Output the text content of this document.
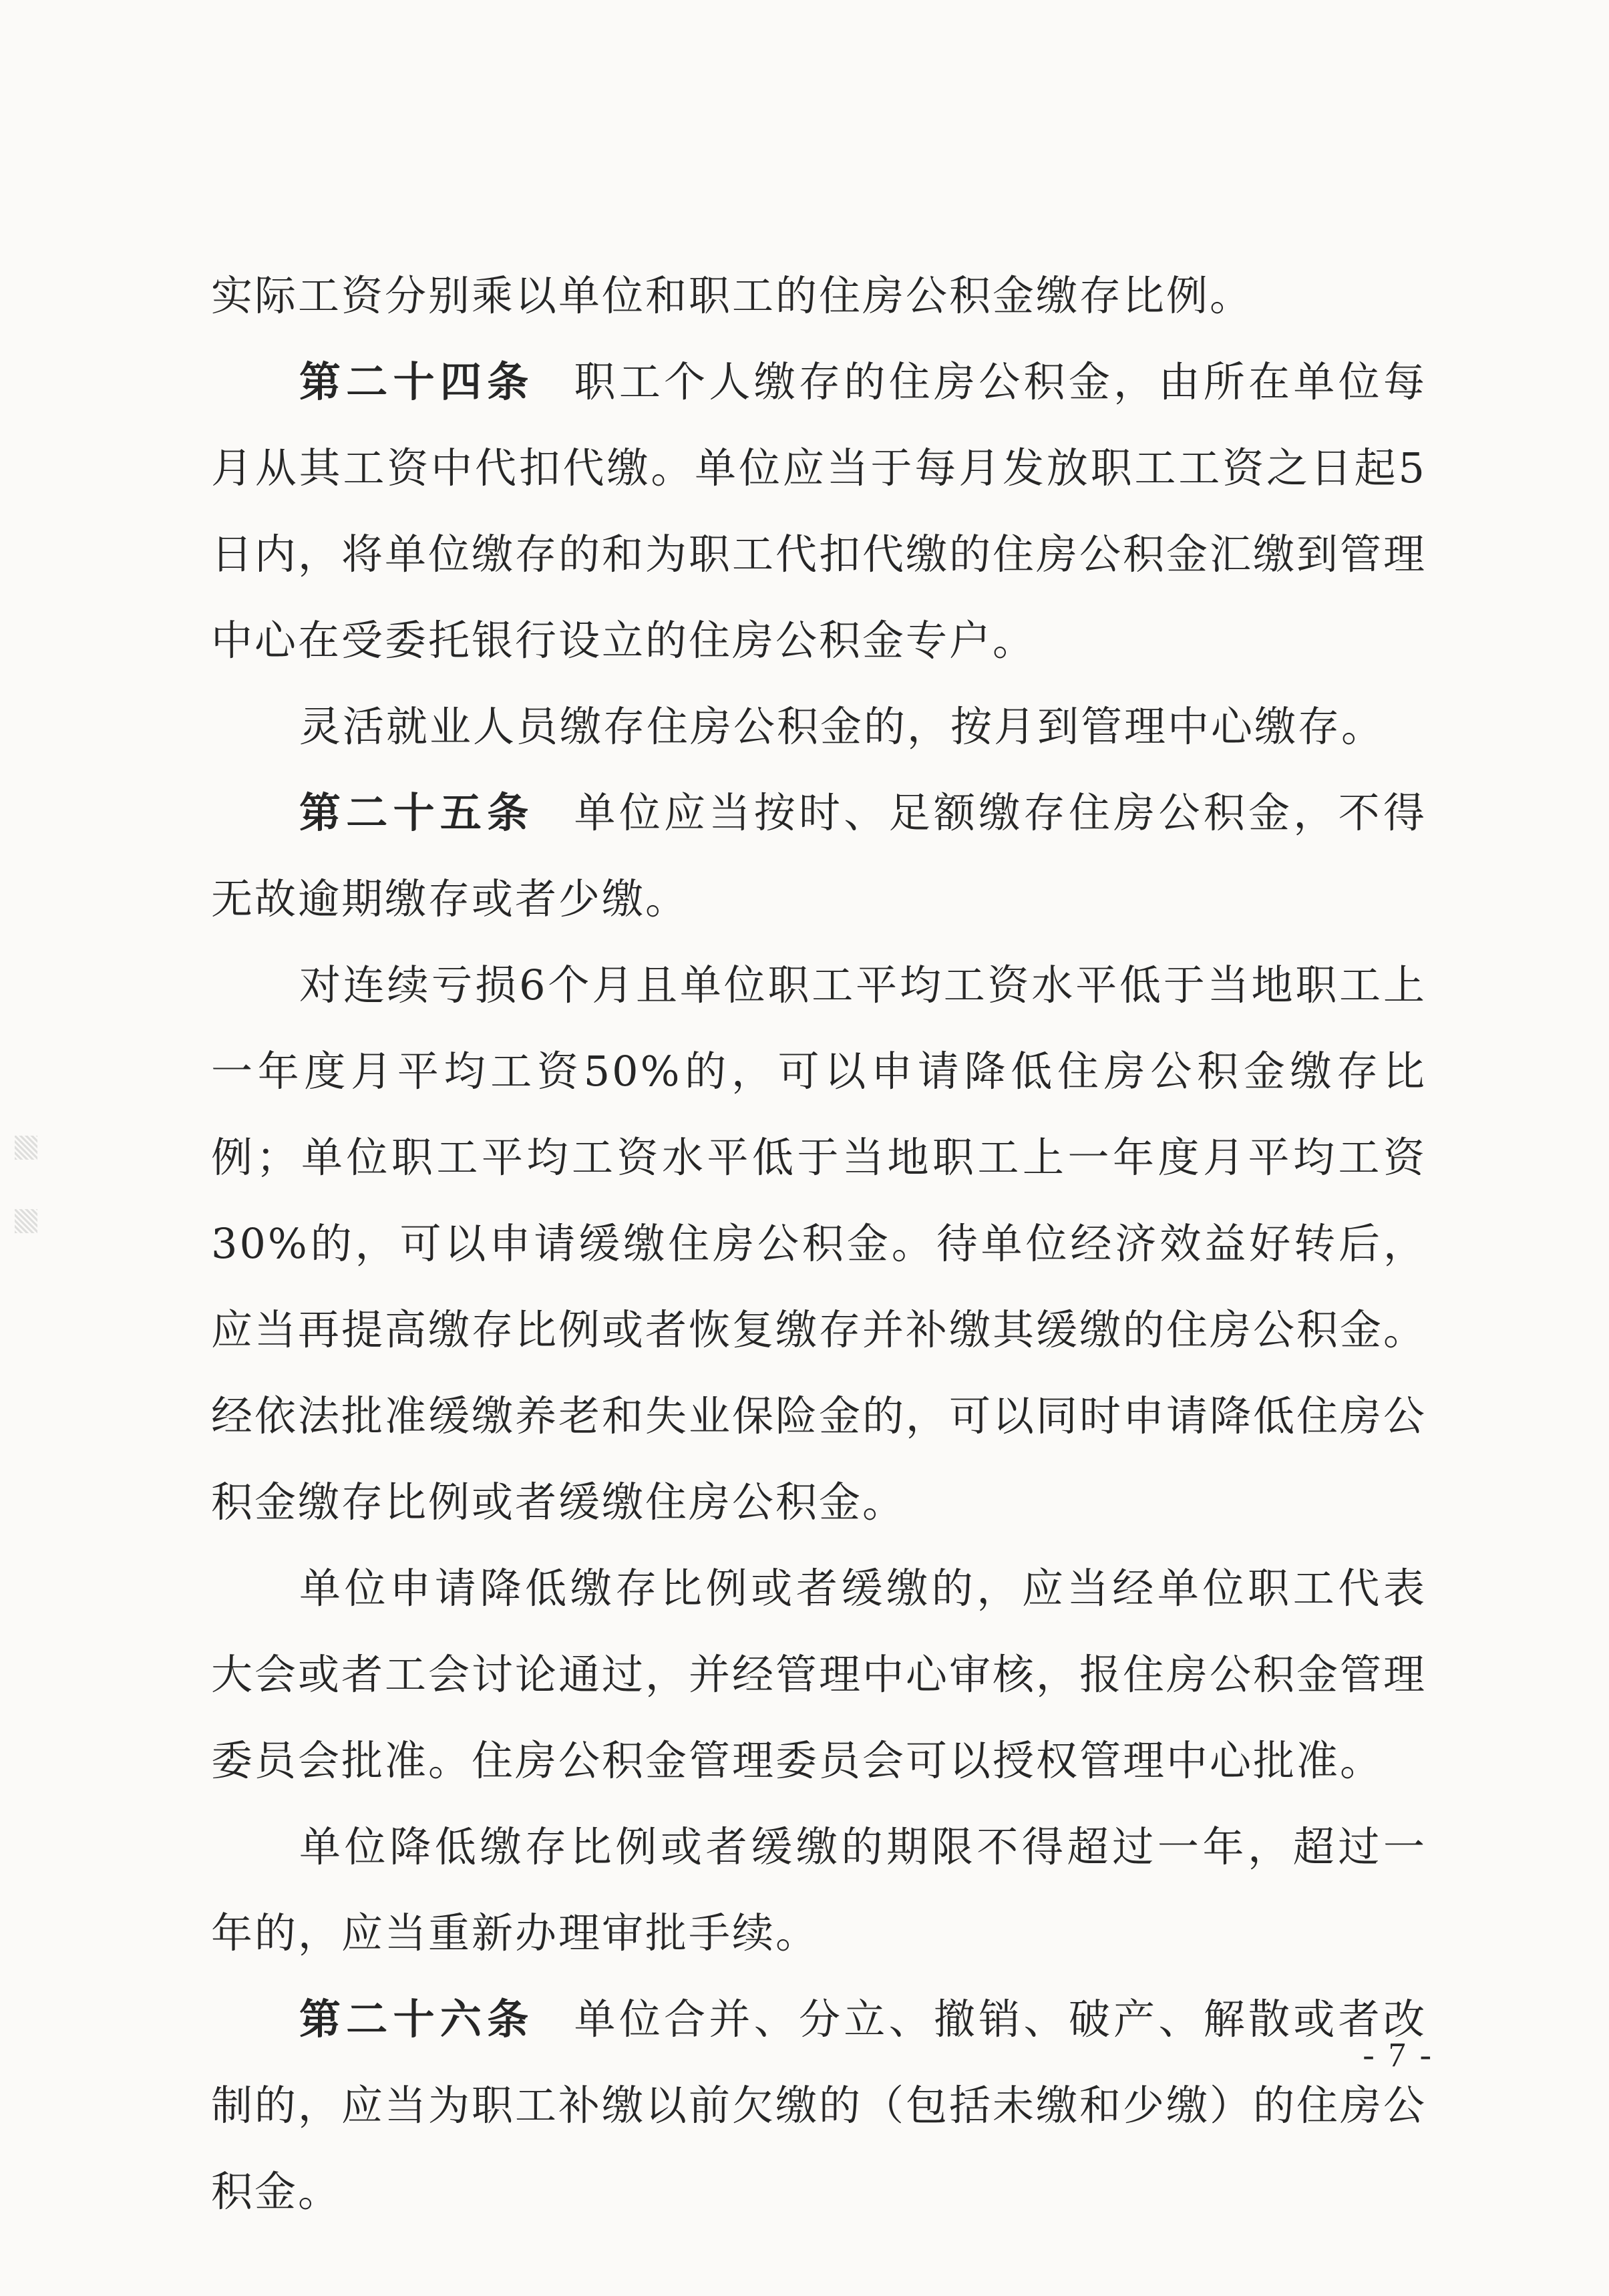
实际工资分别乘以单位和职工的住房公积金缴存比例。

第二十四条 职工个人缴存的住房公积金，由所在单位每月从其工资中代扣代缴。单位应当于每月发放职工工资之日起5日内，将单位缴存的和为职工代扣代缴的住房公积金汇缴到管理中心在受委托银行设立的住房公积金专户。

灵活就业人员缴存住房公积金的，按月到管理中心缴存。

第二十五条 单位应当按时、足额缴存住房公积金，不得无故逾期缴存或者少缴。

对连续亏损6个月且单位职工平均工资水平低于当地职工上一年度月平均工资50%的，可以申请降低住房公积金缴存比例；单位职工平均工资水平低于当地职工上一年度月平均工资30%的，可以申请缓缴住房公积金。待单位经济效益好转后，应当再提高缴存比例或者恢复缴存并补缴其缓缴的住房公积金。经依法批准缓缴养老和失业保险金的，可以同时申请降低住房公积金缴存比例或者缓缴住房公积金。

单位申请降低缴存比例或者缓缴的，应当经单位职工代表大会或者工会讨论通过，并经管理中心审核，报住房公积金管理委员会批准。住房公积金管理委员会可以授权管理中心批准。

单位降低缴存比例或者缓缴的期限不得超过一年，超过一年的，应当重新办理审批手续。

第二十六条 单位合并、分立、撤销、破产、解散或者改制的，应当为职工补缴以前欠缴的（包括未缴和少缴）的住房公积金。

- 7 -
